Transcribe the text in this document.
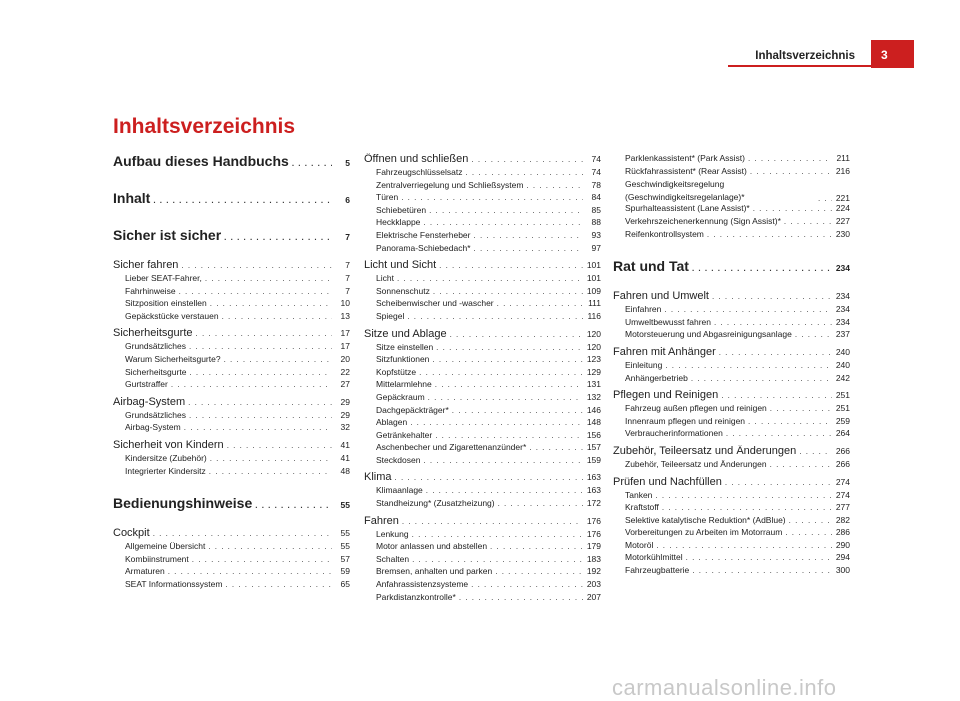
Inhaltsverzeichnis 3
Inhaltsverzeichnis
Aufbau dieses Handbuchs . . .	5
Inhalt . . .	6
Sicher ist sicher . . .	7
Sicher fahren . . .	7
Lieber SEAT-Fahrer, . . .	7
Fahrhinweise . . .	7
Sitzposition einstellen . . .	10
Gepäckstücke verstauen . . .	13
Sicherheitsgurte . . .	17
Grundsätzliches . . .	17
Warum Sicherheitsgurte? . . .	20
Sicherheitsgurte . . .	22
Gurtstraffer . . .	27
Airbag-System . . .	29
Grundsätzliches . . .	29
Airbag-System . . .	32
Sicherheit von Kindern . . .	41
Kindersitze (Zubehör) . . .	41
Integrierter Kindersitz . . .	48
Bedienungshinweise . . .	55
Cockpit . . .	55
Allgemeine Übersicht . . .	55
Kombiinstrument . . .	57
Armaturen . . .	59
SEAT Informationssystem . . .	65
Öffnen und schließen . . .	74
Fahrzeugschlüsselsatz . . .	74
Zentralverriegelung und Schließsystem . . .	78
Türen . . .	84
Schiebetüren . . .	85
Heckklappe . . .	88
Elektrische Fensterheber . . .	93
Panorama-Schiebedach* . . .	97
Licht und Sicht . . .	101
Licht . . .	101
Sonnenschutz . . .	109
Scheibenwischer und -wascher . . .	111
Spiegel . . .	116
Sitze und Ablage . . .	120
Sitze einstellen . . .	120
Sitzfunktionen . . .	123
Kopfstütze . . .	129
Mittelarmlehne . . .	131
Gepäckraum . . .	132
Dachgepäckträger* . . .	146
Ablagen . . .	148
Getränkehalter . . .	156
Aschenbecher und Zigarettenanzünder* . . .	157
Steckdosen . . .	159
Klima . . .	163
Klimaanlage . . .	163
Standheizung* (Zusatzheizung) . . .	172
Fahren . . .	176
Lenkung . . .	176
Motor anlassen und abstellen . . .	179
Schalten . . .	183
Bremsen, anhalten und parken . . .	192
Anfahrassistenzsysteme . . .	203
Parkdistanzkontrolle* . . .	207
Parklenkassistent* (Park Assist) . . .	211
Rückfahrassistent* (Rear Assist) . . .	216
Geschwindigkeitsregelung (Geschwindigkeitsregelanlage)* . . .	221
Spurhalteassistent (Lane Assist)* . . .	224
Verkehrszeichenerkennung (Sign Assist)* . . .	227
Reifenkontrollsystem . . .	230
Rat und Tat . . .	234
Fahren und Umwelt . . .	234
Einfahren . . .	234
Umweltbewusst fahren . . .	234
Motorsteuerung und Abgasreinigungsanlage . . .	237
Fahren mit Anhänger . . .	240
Einleitung . . .	240
Anhängerbetrieb . . .	242
Pflegen und Reinigen . . .	251
Fahrzeug außen pflegen und reinigen . . .	251
Innenraum pflegen und reinigen . . .	259
Verbraucherinformationen . . .	264
Zubehör, Teileersatz und Änderungen . . .	266
Zubehör, Teileersatz und Änderungen . . .	266
Prüfen und Nachfüllen . . .	274
Tanken . . .	274
Kraftstoff . . .	277
Selektive katalytische Reduktion* (AdBlue) . . .	282
Vorbereitungen zu Arbeiten im Motorraum . . .	286
Motoröl . . .	290
Motorkühlmittel . . .	294
Fahrzeugbatterie . . .	300
carmanualsonline.info
